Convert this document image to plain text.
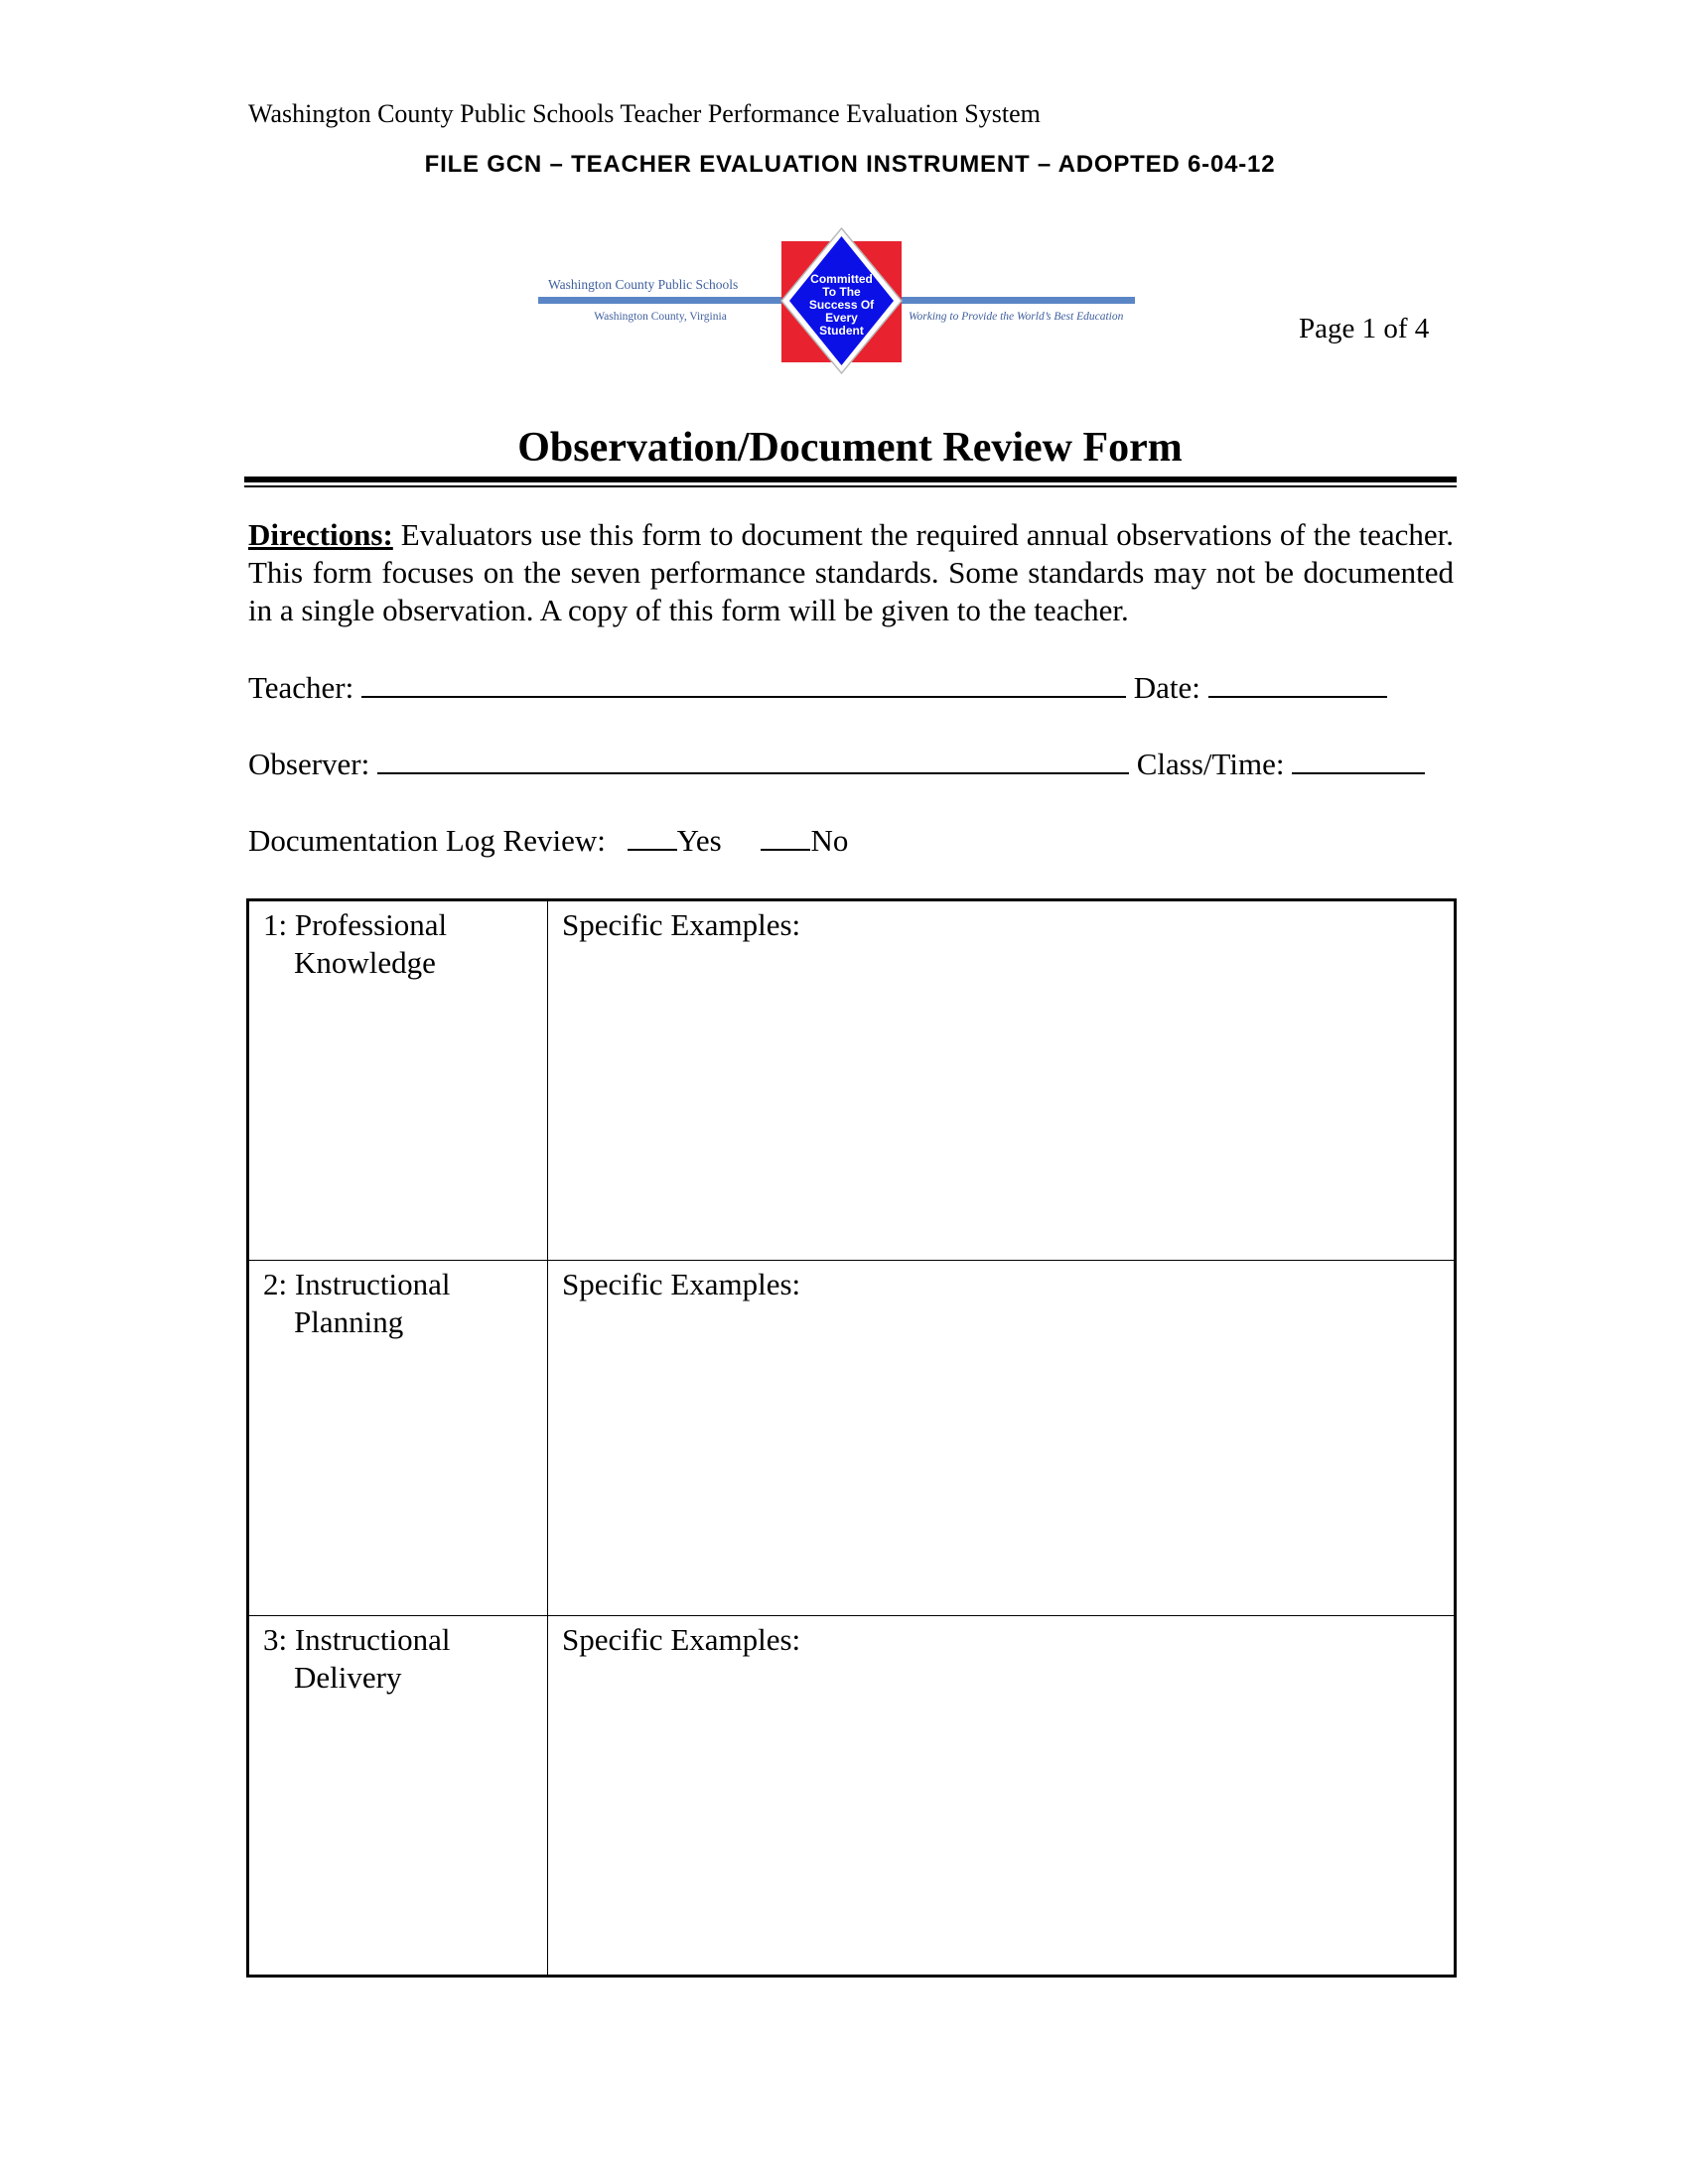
Washington County Public Schools Teacher Performance Evaluation System
FILE GCN – TEACHER EVALUATION INSTRUMENT – ADOPTED 6-04-12
Washington County Public Schools
Washington County, Virginia	Working to Provide the World’s Best Education
Committed
To The
Success Of
Every
Student	Page 1 of 4
Observation/Document Review Form
Directions: Evaluators use this form to document the required annual observations of the teacher. This form focuses on the seven performance standards. Some standards may not be documented in a single observation. A copy of this form will be given to the teacher.
Teacher:	Date:
Observer:	Class/Time:
Documentation Log Review: Yes	No
1: Professional
Knowledge	Specific Examples:
2: Instructional
Planning	Specific Examples:
3: Instructional
Delivery	Specific Examples:
